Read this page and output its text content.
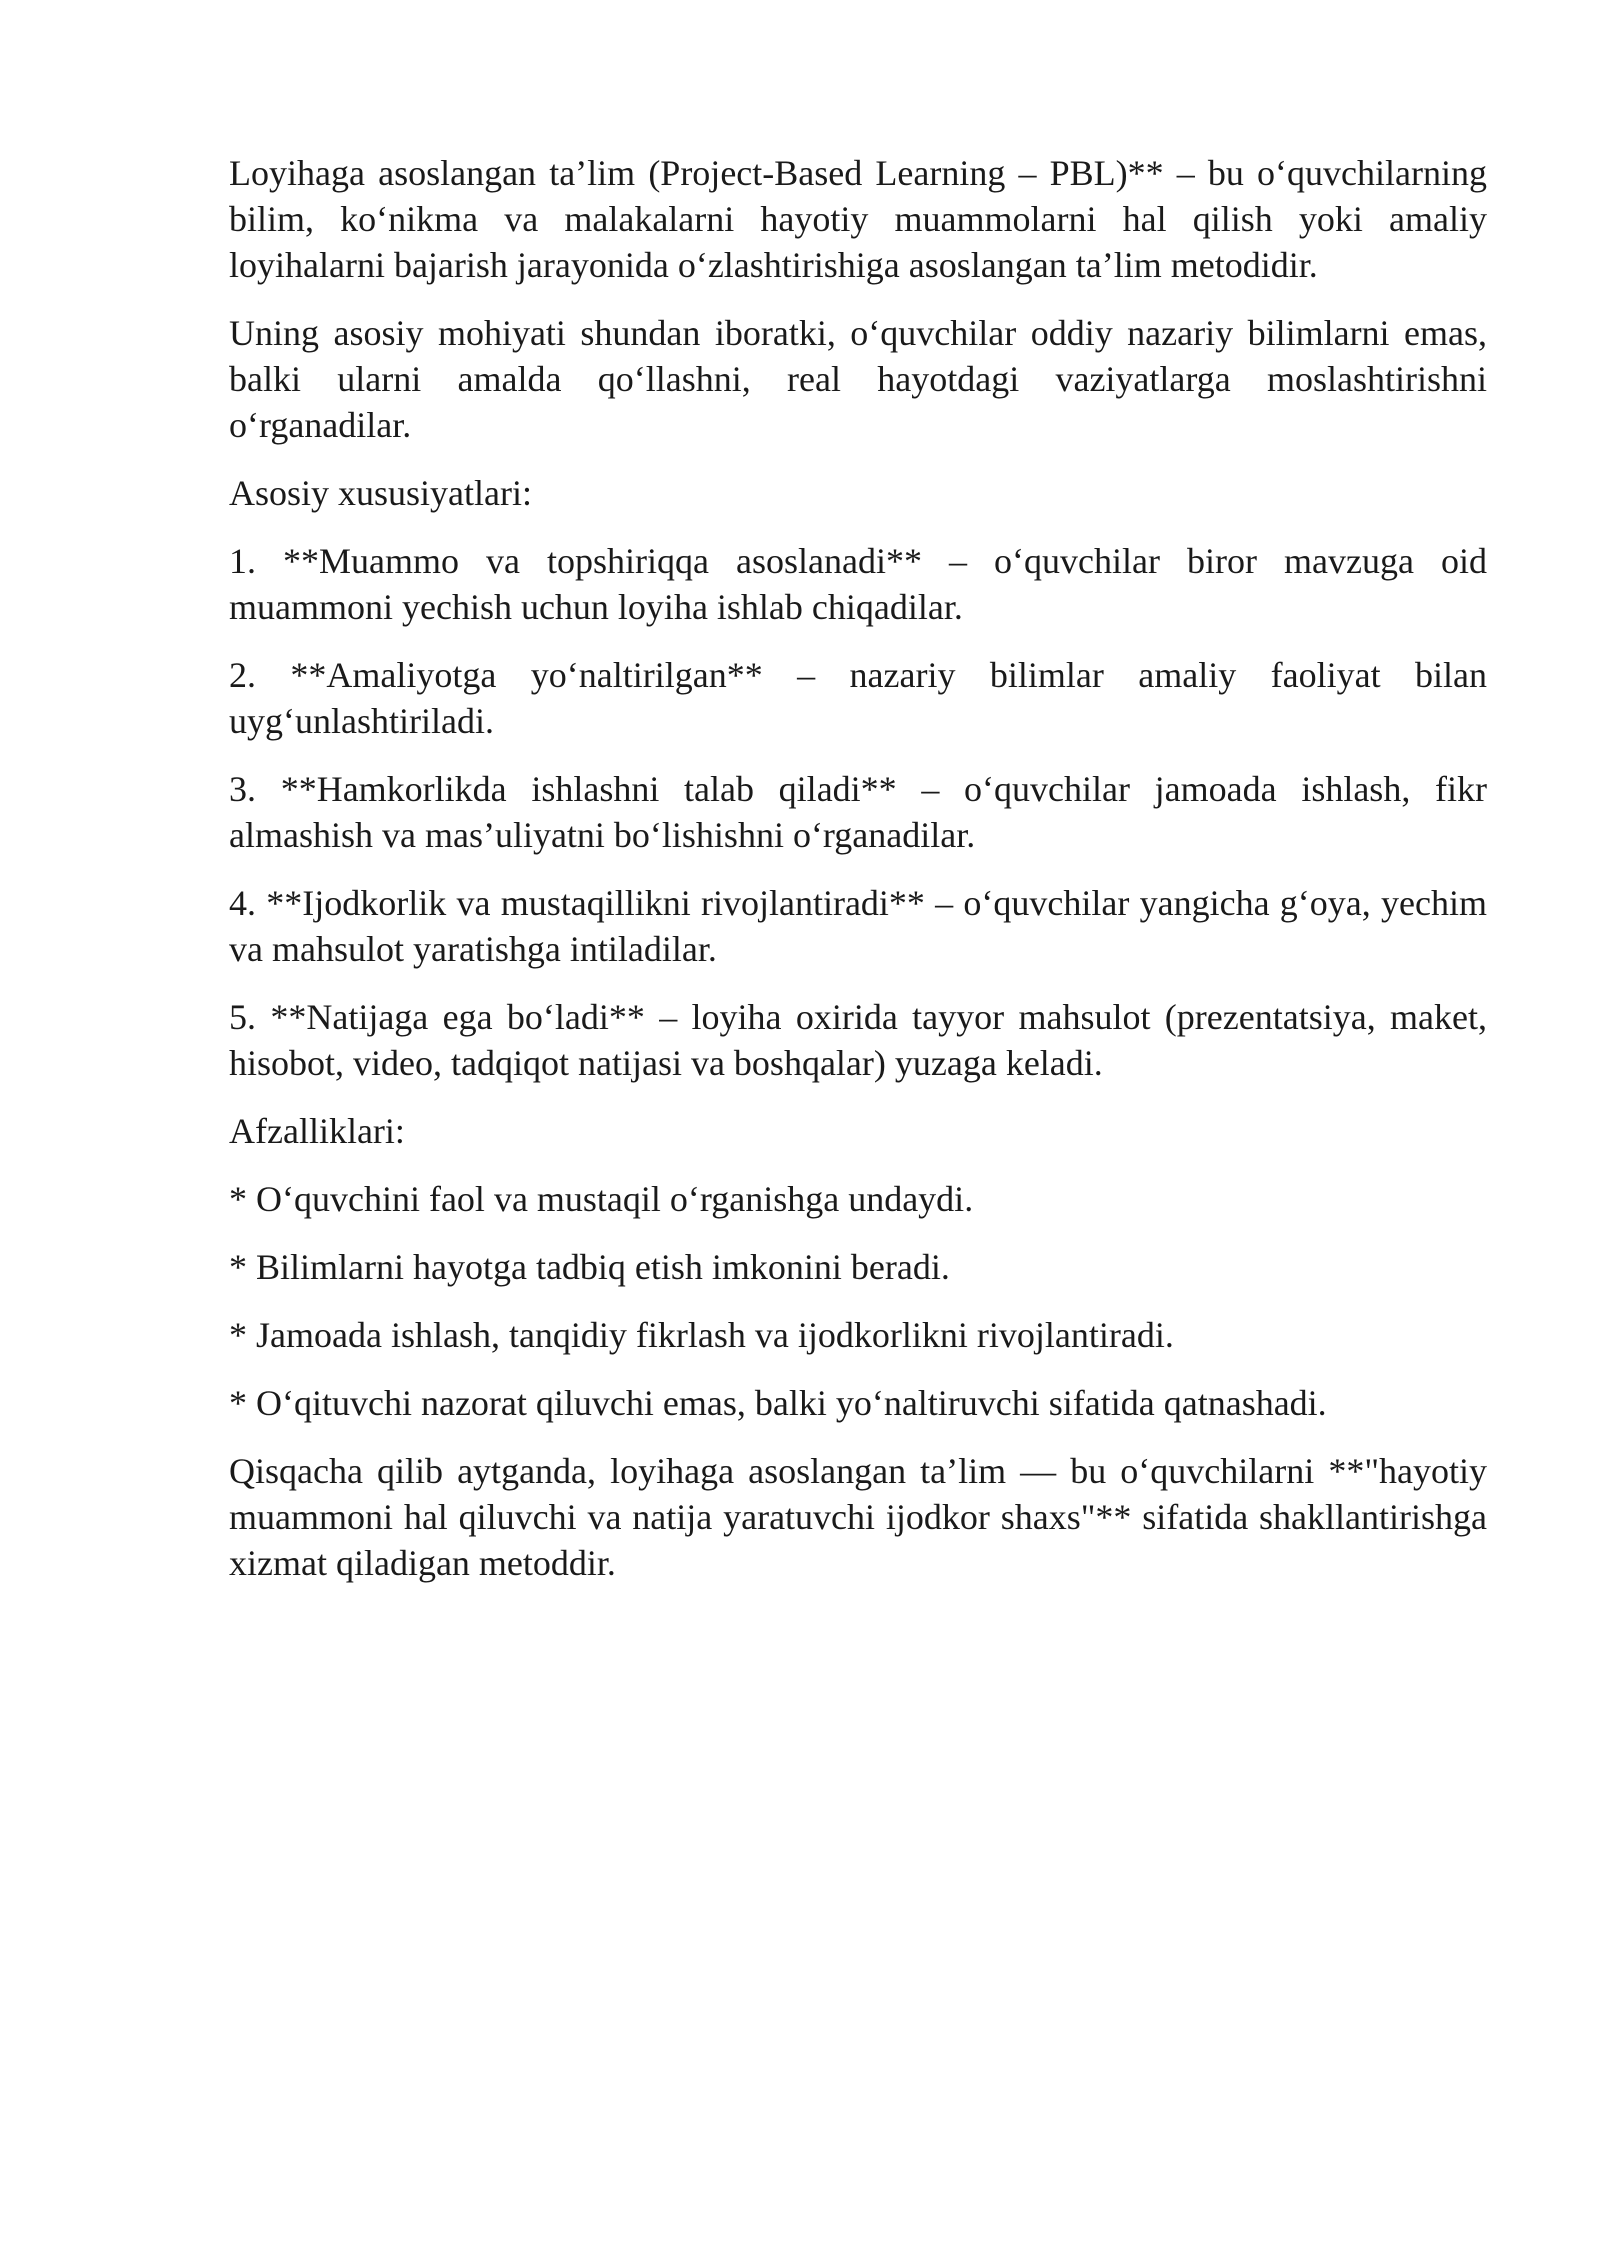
Loyihaga asoslangan ta’lim (Project-Based Learning – PBL)** – bu o‘quvchilarning bilim, ko‘nikma va malakalarni hayotiy muammolarni hal qilish yoki amaliy loyihalarni bajarish jarayonida o‘zlashtirishiga asoslangan ta’lim metodidir.

Uning asosiy mohiyati shundan iboratki, o‘quvchilar oddiy nazariy bilimlarni emas, balki ularni amalda qo‘llashni, real hayotdagi vaziyatlarga moslashtirishni o‘rganadilar.

Asosiy xususiyatlari:

1. **Muammo va topshiriqqa asoslanadi** – o‘quvchilar biror mavzuga oid muammoni yechish uchun loyiha ishlab chiqadilar.

2. **Amaliyotga yo‘naltirilgan** – nazariy bilimlar amaliy faoliyat bilan uyg‘unlashtiriladi.

3. **Hamkorlikda ishlashni talab qiladi** – o‘quvchilar jamoada ishlash, fikr almashish va mas’uliyatni bo‘lishishni o‘rganadilar.

4. **Ijodkorlik va mustaqillikni rivojlantiradi** – o‘quvchilar yangicha g‘oya, yechim va mahsulot yaratishga intiladilar.

5. **Natijaga ega bo‘ladi** – loyiha oxirida tayyor mahsulot (prezentatsiya, maket, hisobot, video, tadqiqot natijasi va boshqalar) yuzaga keladi.

Afzalliklari:

* O‘quvchini faol va mustaqil o‘rganishga undaydi.

* Bilimlarni hayotga tadbiq etish imkonini beradi.

* Jamoada ishlash, tanqidiy fikrlash va ijodkorlikni rivojlantiradi.

* O‘qituvchi nazorat qiluvchi emas, balki yo‘naltiruvchi sifatida qatnashadi.

Qisqacha qilib aytganda, loyihaga asoslangan ta’lim — bu o‘quvchilarni **"hayotiy muammoni hal qiluvchi va natija yaratuvchi ijodkor shaxs"** sifatida shakllantirishga xizmat qiladigan metoddir.
